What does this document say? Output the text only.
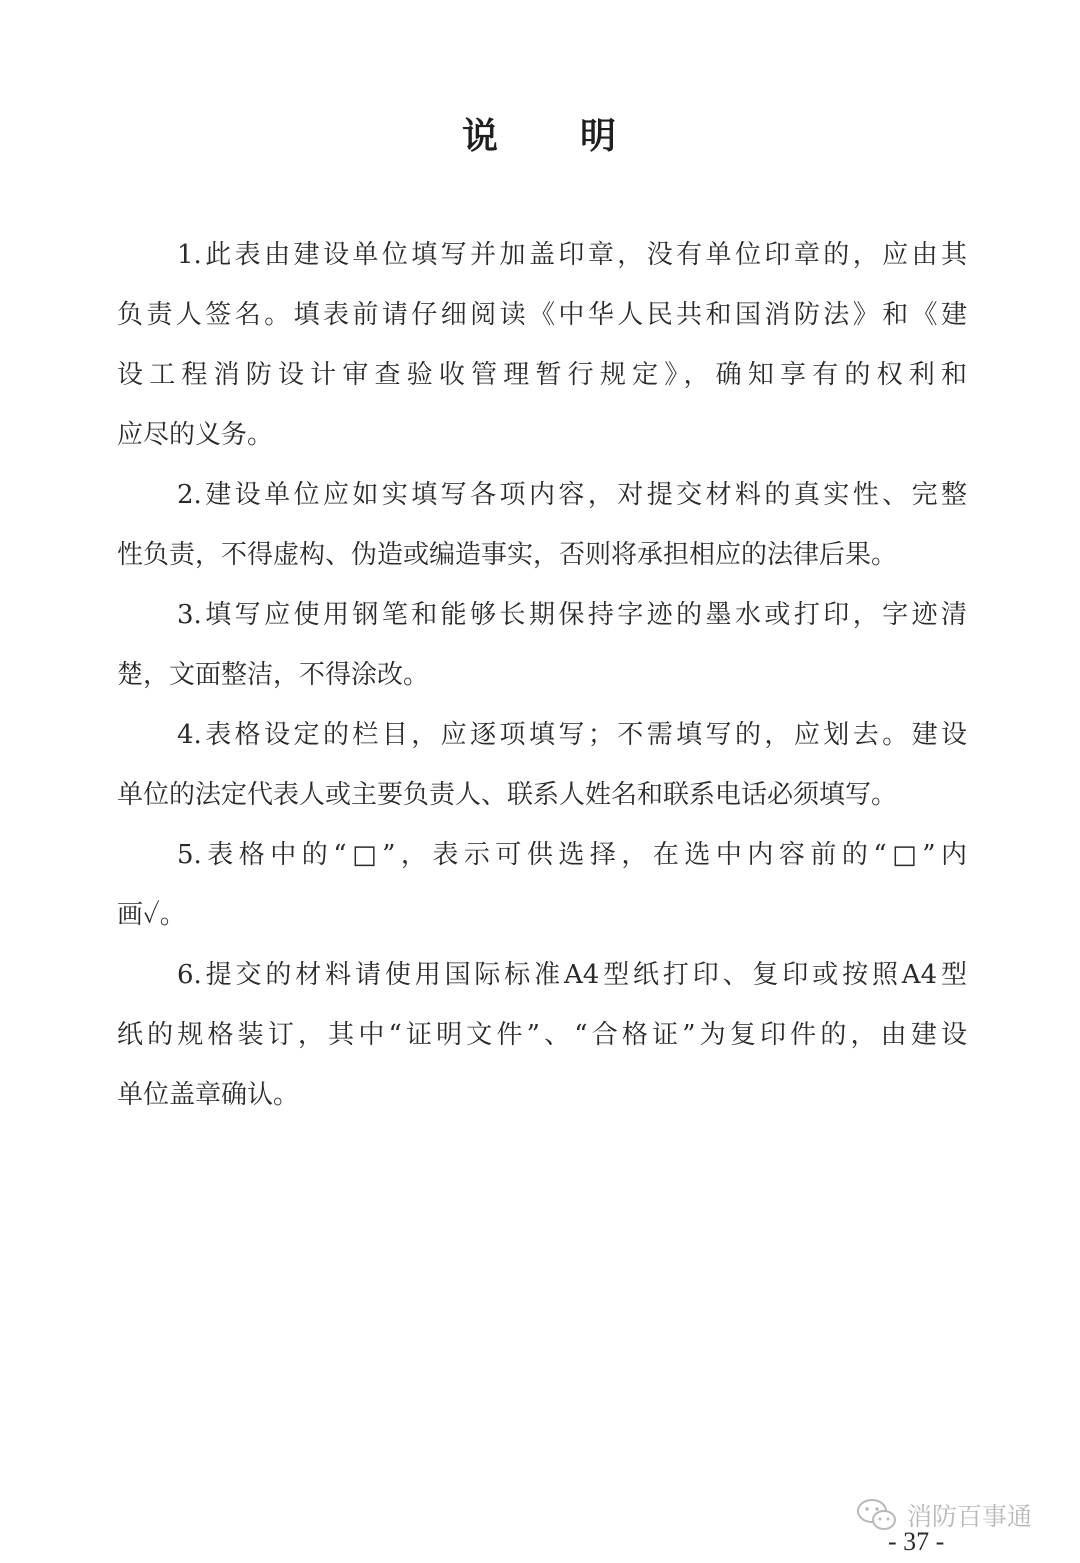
说 明
1.此表由建设单位填写并加盖印章，没有单位印章的，应由其
负责人签名。填表前请仔细阅读《中华人民共和国消防法》和《建
设工程消防设计审查验收管理暂行规定》，确知享有的权利和
应尽的义务。
2.建设单位应如实填写各项内容，对提交材料的真实性、完整
性负责，不得虚构、伪造或编造事实，否则将承担相应的法律后果。
3.填写应使用钢笔和能够长期保持字迹的墨水或打印，字迹清
楚，文面整洁，不得涂改。
4.表格设定的栏目，应逐项填写；不需填写的，应划去。建设
单位的法定代表人或主要负责人、联系人姓名和联系电话必须填写。
5.表格中的“□”，表示可供选择，在选中内容前的“□”内
画✓。
6.提交的材料请使用国际标准A4型纸打印、复印或按照A4型
纸的规格装订，其中“证明文件”、“合格证”为复印件的，由建设
单位盖章确认。
消防百事通
- 37 -
